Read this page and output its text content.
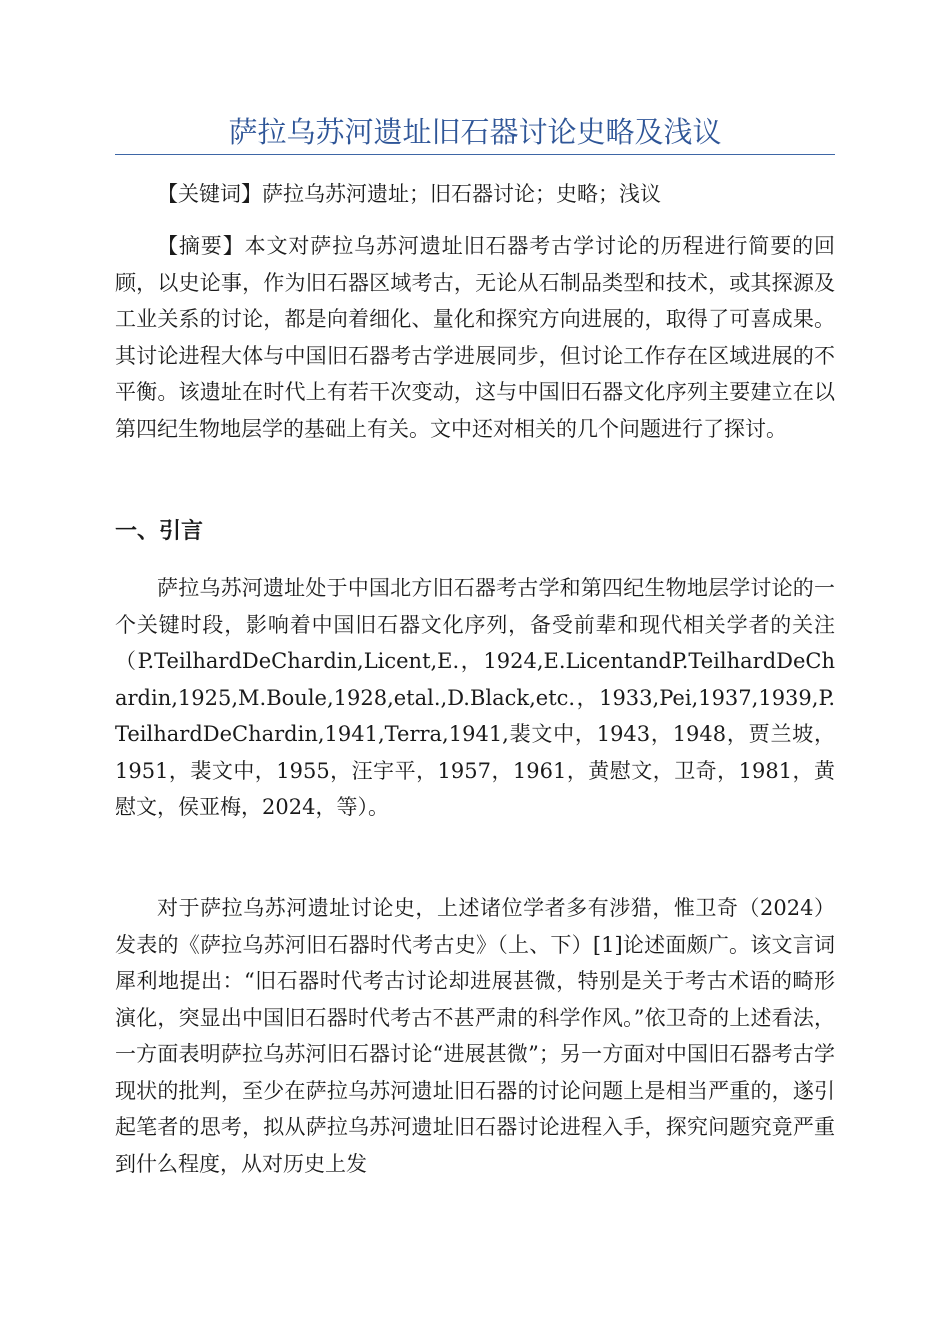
萨拉乌苏河遗址旧石器讨论史略及浅议

【关键词】萨拉乌苏河遗址；旧石器讨论；史略；浅议

【摘要】本文对萨拉乌苏河遗址旧石器考古学讨论的历程进行简要的回顾，以史论事，作为旧石器区域考古，无论从石制品类型和技术，或其探源及工业关系的讨论，都是向着细化、量化和探究方向进展的，取得了可喜成果。其讨论进程大体与中国旧石器考古学进展同步，但讨论工作存在区域进展的不平衡。该遗址在时代上有若干次变动，这与中国旧石器文化序列主要建立在以第四纪生物地层学的基础上有关。文中还对相关的几个问题进行了探讨。

一、引言

萨拉乌苏河遗址处于中国北方旧石器考古学和第四纪生物地层学讨论的一个关键时段，影响着中国旧石器文化序列，备受前辈和现代相关学者的关注（P.TeilhardDeChardin,Licent,E.，1924,E.LicentandP.TeilhardDeChardin,1925,M.Boule,1928,etal.,D.Black,etc.，1933,Pei,1937,1939,P.TeilhardDeChardin,1941,Terra,1941,裴文中，1943，1948，贾兰坡，1951，裴文中，1955，汪宇平，1957，1961，黄慰文，卫奇，1981，黄慰文，侯亚梅，2024，等）。

对于萨拉乌苏河遗址讨论史，上述诸位学者多有涉猎，惟卫奇（2024）发表的《萨拉乌苏河旧石器时代考古史》（上、下）[1]论述面颇广。该文言词犀利地提出：“旧石器时代考古讨论却进展甚微，特别是关于考古术语的畸形演化，突显出中国旧石器时代考古不甚严肃的科学作风。”依卫奇的上述看法，一方面表明萨拉乌苏河旧石器讨论“进展甚微”；另一方面对中国旧石器考古学现状的批判，至少在萨拉乌苏河遗址旧石器的讨论问题上是相当严重的，遂引起笔者的思考，拟从萨拉乌苏河遗址旧石器讨论进程入手，探究问题究竟严重到什么程度，从对历史上发
